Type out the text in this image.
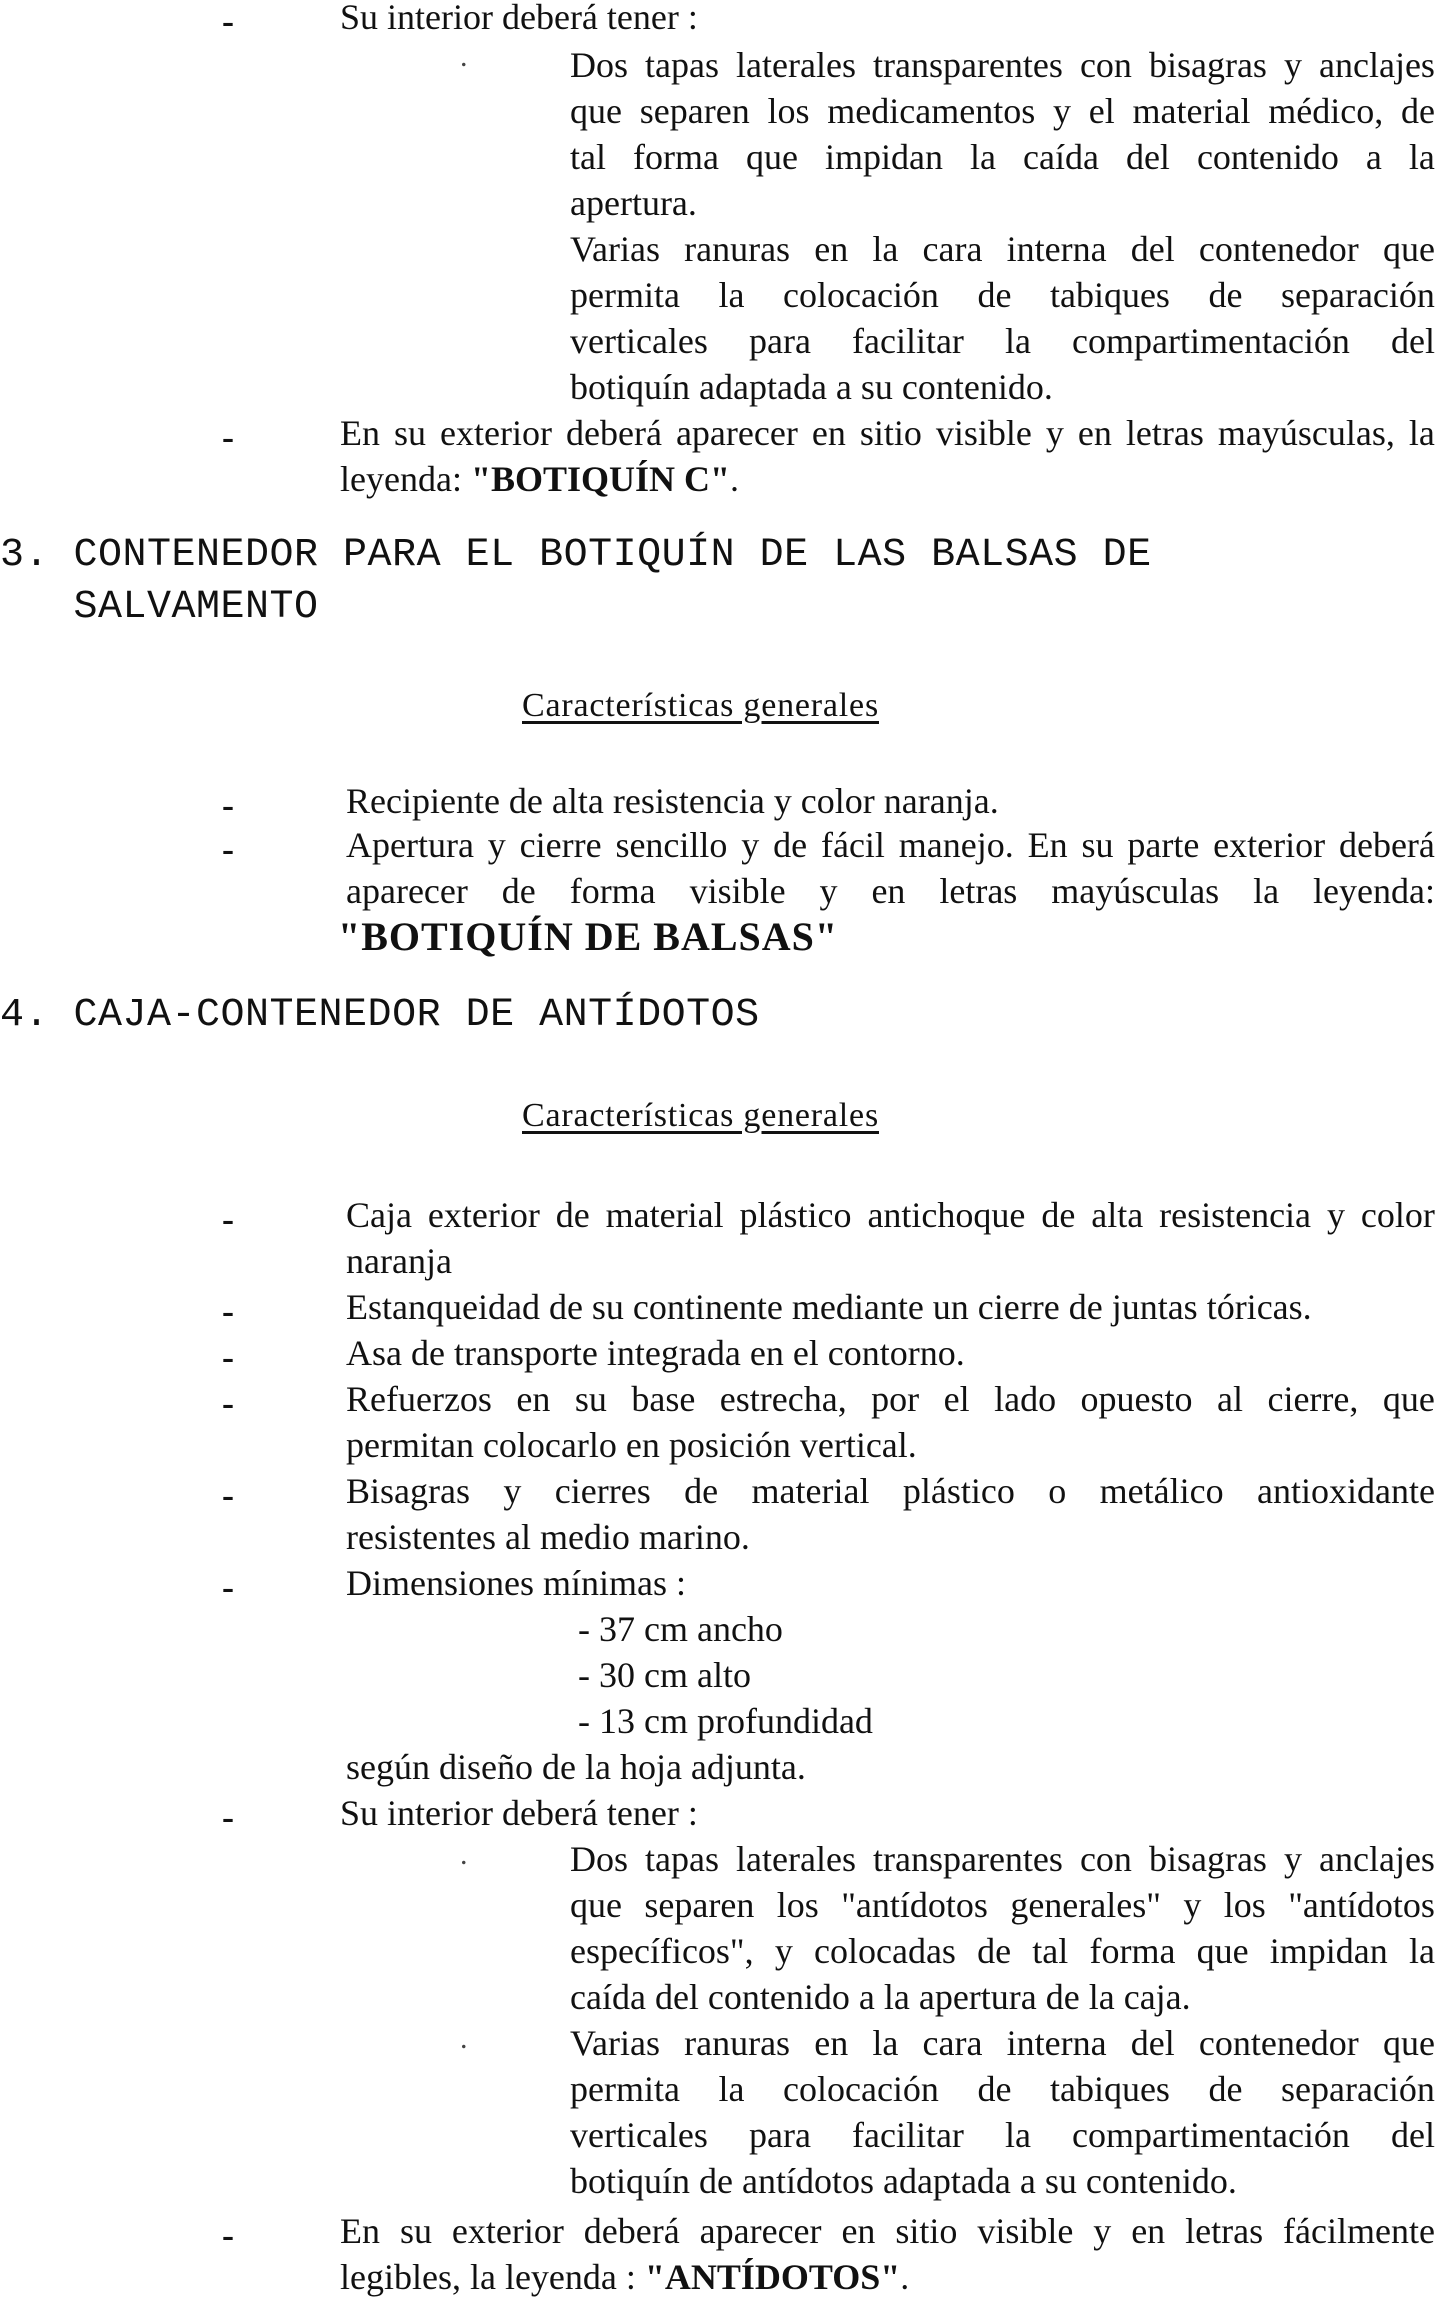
-	Su interior deberá tener :
.	Dos tapas laterales transparentes con bisagras y anclajes
que separen los medicamentos y el material médico, de
tal forma que impidan la caída del contenido a la
apertura.
Varias ranuras en la cara interna del contenedor que
permita la colocación de tabiques de separación
verticales para facilitar la compartimentación del
botiquín adaptada a su contenido.
-	En su exterior deberá aparecer en sitio visible y en letras mayúsculas, la
leyenda: "BOTIQUÍN C".
3. CONTENEDOR PARA EL BOTIQUÍN DE LAS BALSAS DE
SALVAMENTO
Características generales
-	Recipiente de alta resistencia y color naranja.
-	Apertura y cierre sencillo y de fácil manejo. En su parte exterior deberá
aparecer de forma visible y en letras mayúsculas la leyenda:
"BOTIQUÍN DE BALSAS"
4. CAJA-CONTENEDOR DE ANTÍDOTOS
Características generales
-	Caja exterior de material plástico antichoque de alta resistencia y color
naranja
-	Estanqueidad de su continente mediante un cierre de juntas tóricas.
-	Asa de transporte integrada en el contorno.
-	Refuerzos en su base estrecha, por el lado opuesto al cierre, que
permitan colocarlo en posición vertical.
-	Bisagras y cierres de material plástico o metálico antioxidante
resistentes al medio marino.
-	Dimensiones mínimas :
- 37 cm ancho
- 30 cm alto
- 13 cm profundidad
según diseño de la hoja adjunta.
-	Su interior deberá tener :
.	Dos tapas laterales transparentes con bisagras y anclajes
que separen los "antídotos generales" y los "antídotos
específicos", y colocadas de tal forma que impidan la
caída del contenido a la apertura de la caja.
.	Varias ranuras en la cara interna del contenedor que
permita la colocación de tabiques de separación
verticales para facilitar la compartimentación del
botiquín de antídotos adaptada a su contenido.
-	En su exterior deberá aparecer en sitio visible y en letras fácilmente
legibles, la leyenda : "ANTÍDOTOS".
